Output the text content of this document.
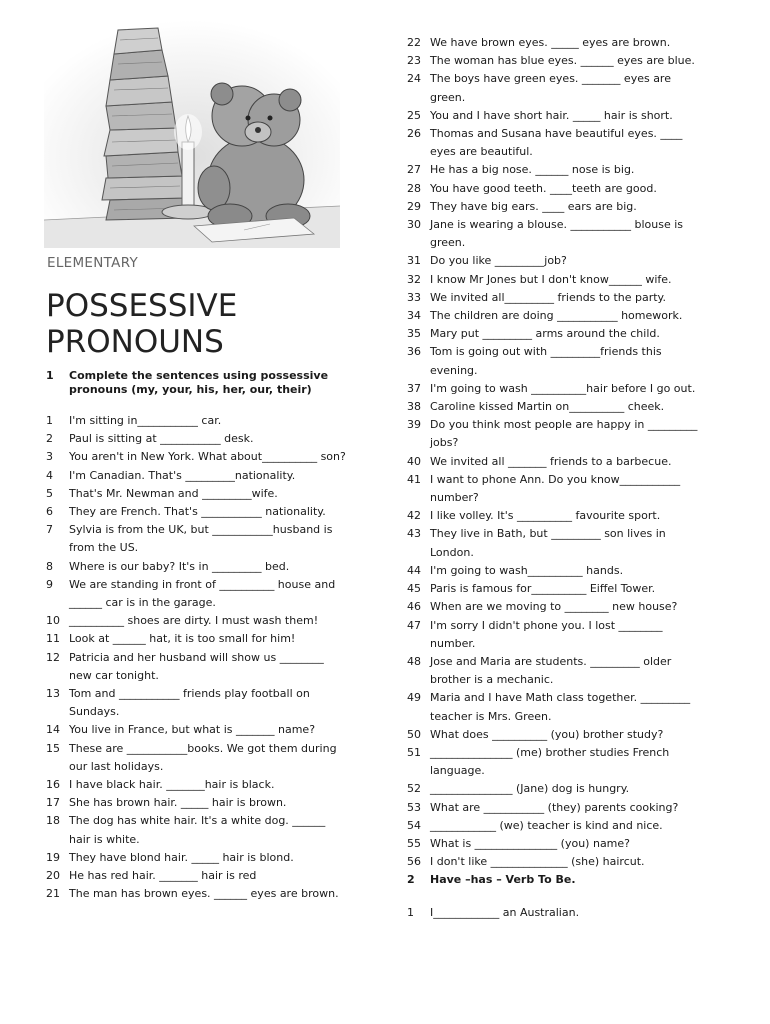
ELEMENTARY
POSSESSIVE
PRONOUNS
1 Complete the sentences using possessive pronouns (my, your, his, her, our, their)
1 I'm sitting in___________ car.
2 Paul is sitting at ___________ desk.
3 You aren't in New York. What about__________ son?
4 I'm Canadian. That's _________nationality.
5 That's Mr. Newman and _________wife.
6 They are French. That's ___________ nationality.
7 Sylvia is from the UK, but ___________husband is from the US.
8 Where is our baby? It's in _________ bed.
9 We are standing in front of __________ house and ______ car is in the garage.
10 __________ shoes are dirty. I must wash them!
11 Look at ______ hat, it is too small for him!
12 Patricia and her husband will show us ________ new car tonight.
13 Tom and ___________ friends play football on Sundays.
14 You live in France, but what is _______ name?
15 These are ___________books. We got them during our last holidays.
16 I have black hair. _______hair is black.
17 She has brown hair. _____ hair is brown.
18 The dog has white hair. It's a white dog. ______ hair is white.
19 They have blond hair. _____ hair is blond.
20 He has red hair. _______ hair is red
21 The man has brown eyes. ______ eyes are brown.
22 We have brown eyes. _____ eyes are brown.
23 The woman has blue eyes. ______ eyes are blue.
24 The boys have green eyes. _______ eyes are green.
25 You and I have short hair. _____ hair is short.
26 Thomas and Susana have beautiful eyes. ____ eyes are beautiful.
27 He has a big nose. ______ nose is big.
28 You have good teeth. ____teeth are good.
29 They have big ears. ____ ears are big.
30 Jane is wearing a blouse. ___________ blouse is green.
31 Do you like _________job?
32 I know Mr Jones but I don't know______ wife.
33 We invited all_________ friends to the party.
34 The children are doing ___________ homework.
35 Mary put _________ arms around the child.
36 Tom is going out with _________friends this evening.
37 I'm going to wash __________hair before I go out.
38 Caroline kissed Martin on__________ cheek.
39 Do you think most people are happy in _________ jobs?
40 We invited all _______ friends to a barbecue.
41 I want to phone Ann. Do you know___________ number?
42 I like volley. It's __________ favourite sport.
43 They live in Bath, but _________ son lives in London.
44 I'm going to wash__________ hands.
45 Paris is famous for__________ Eiffel Tower.
46 When are we moving to ________ new house?
47 I'm sorry I didn't phone you. I lost ________ number.
48 Jose and Maria are students. _________ older brother is a mechanic.
49 Maria and I have Math class together. _________ teacher is Mrs. Green.
50 What does __________ (you) brother study?
51 _______________ (me) brother studies French language.
52 _______________ (Jane) dog is hungry.
53 What are ___________ (they) parents cooking?
54 ____________ (we) teacher is kind and nice.
55 What is _______________ (you) name?
56 I don't like ______________ (she) haircut.
2 Have –has – Verb To Be.
1 I____________ an Australian.
